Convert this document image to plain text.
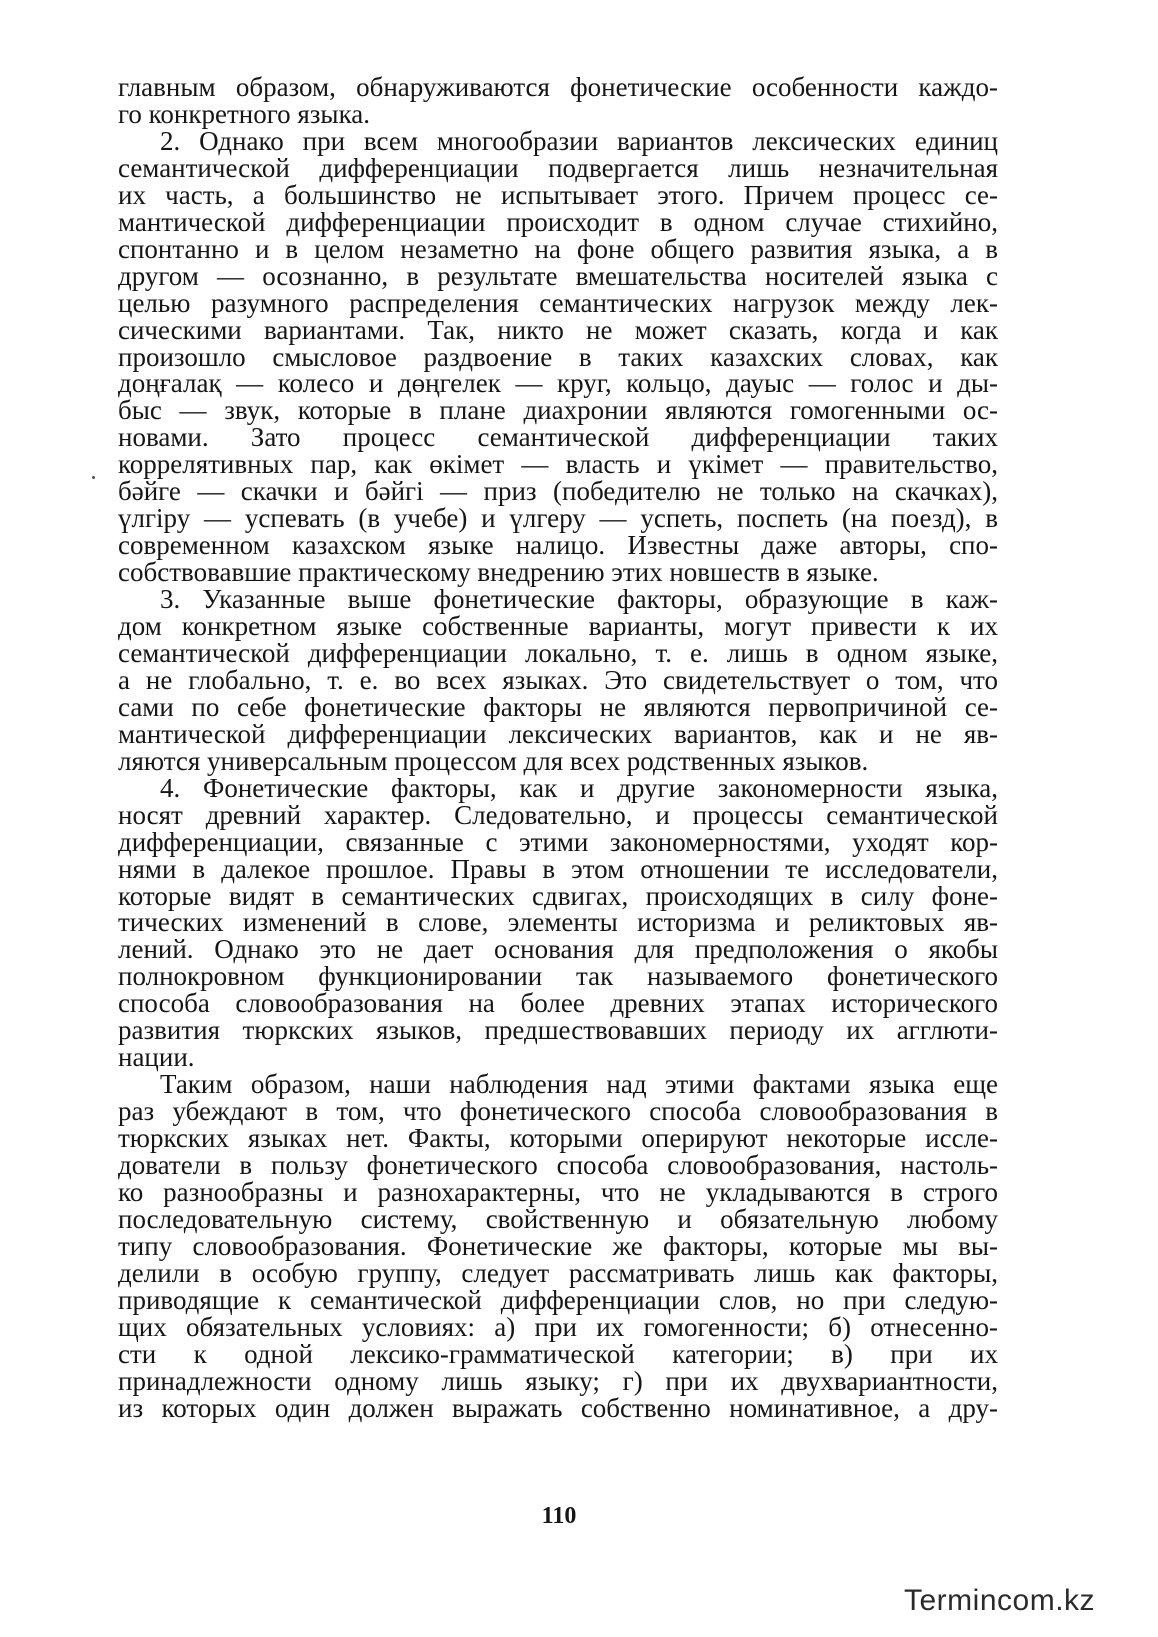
главным образом, обнаруживаются фонетические особенности каждо-
го конкретного языка.
2. Однако при всем многообразии вариантов лексических единиц
семантической дифференциации подвергается лишь незначительная
их часть, а большинство не испытывает этого. Причем процесс се-
мантической дифференциации происходит в одном случае стихийно,
спонтанно и в целом незаметно на фоне общего развития языка, а в
другом — осознанно, в результате вмешательства носителей языка с
целью разумного распределения семантических нагрузок между лек-
сическими вариантами. Так, никто не может сказать, когда и как
произошло смысловое раздвоение в таких казахских словах, как
доңғалақ — колесо и дөңгелек — круг, кольцо, дауыс — голос и ды-
быс — звук, которые в плане диахронии являются гомогенными ос-
новами. Зато процесс семантической дифференциации таких
коррелятивных пар, как өкімет — власть и үкімет — правительство,
бәйге — скачки и бәйгі — приз (победителю не только на скачках),
үлгіру — успевать (в учебе) и үлгеру — успеть, поспеть (на поезд), в
современном казахском языке налицо. Известны даже авторы, спо-
собствовавшие практическому внедрению этих новшеств в языке.
3. Указанные выше фонетические факторы, образующие в каж-
дом конкретном языке собственные варианты, могут привести к их
семантической дифференциации локально, т. е. лишь в одном языке,
а не глобально, т. е. во всех языках. Это свидетельствует о том, что
сами по себе фонетические факторы не являются первопричиной се-
мантической дифференциации лексических вариантов, как и не яв-
ляются универсальным процессом для всех родственных языков.
4. Фонетические факторы, как и другие закономерности языка,
носят древний характер. Следовательно, и процессы семантической
дифференциации, связанные с этими закономерностями, уходят кор-
нями в далекое прошлое. Правы в этом отношении те исследователи,
которые видят в семантических сдвигах, происходящих в силу фоне-
тических изменений в слове, элементы историзма и реликтовых яв-
лений. Однако это не дает основания для предположения о якобы
полнокровном функционировании так называемого фонетического
способа словообразования на более древних этапах исторического
развития тюркских языков, предшествовавших периоду их агглюти-
нации.
Таким образом, наши наблюдения над этими фактами языка еще
раз убеждают в том, что фонетического способа словообразования в
тюркских языках нет. Факты, которыми оперируют некоторые иссле-
дователи в пользу фонетического способа словообразования, настоль-
ко разнообразны и разнохарактерны, что не укладываются в строго
последовательную систему, свойственную и обязательную любому
типу словообразования. Фонетические же факторы, которые мы вы-
делили в особую группу, следует рассматривать лишь как факторы,
приводящие к семантической дифференциации слов, но при следую-
щих обязательных условиях: а) при их гомогенности; б) отнесенно-
сти к одной лексико-грамматической категории; в) при их
принадлежности одному лишь языку; г) при их двухвариантности,
из которых один должен выражать собственно номинативное, а дру-
110
Termincom.kz
